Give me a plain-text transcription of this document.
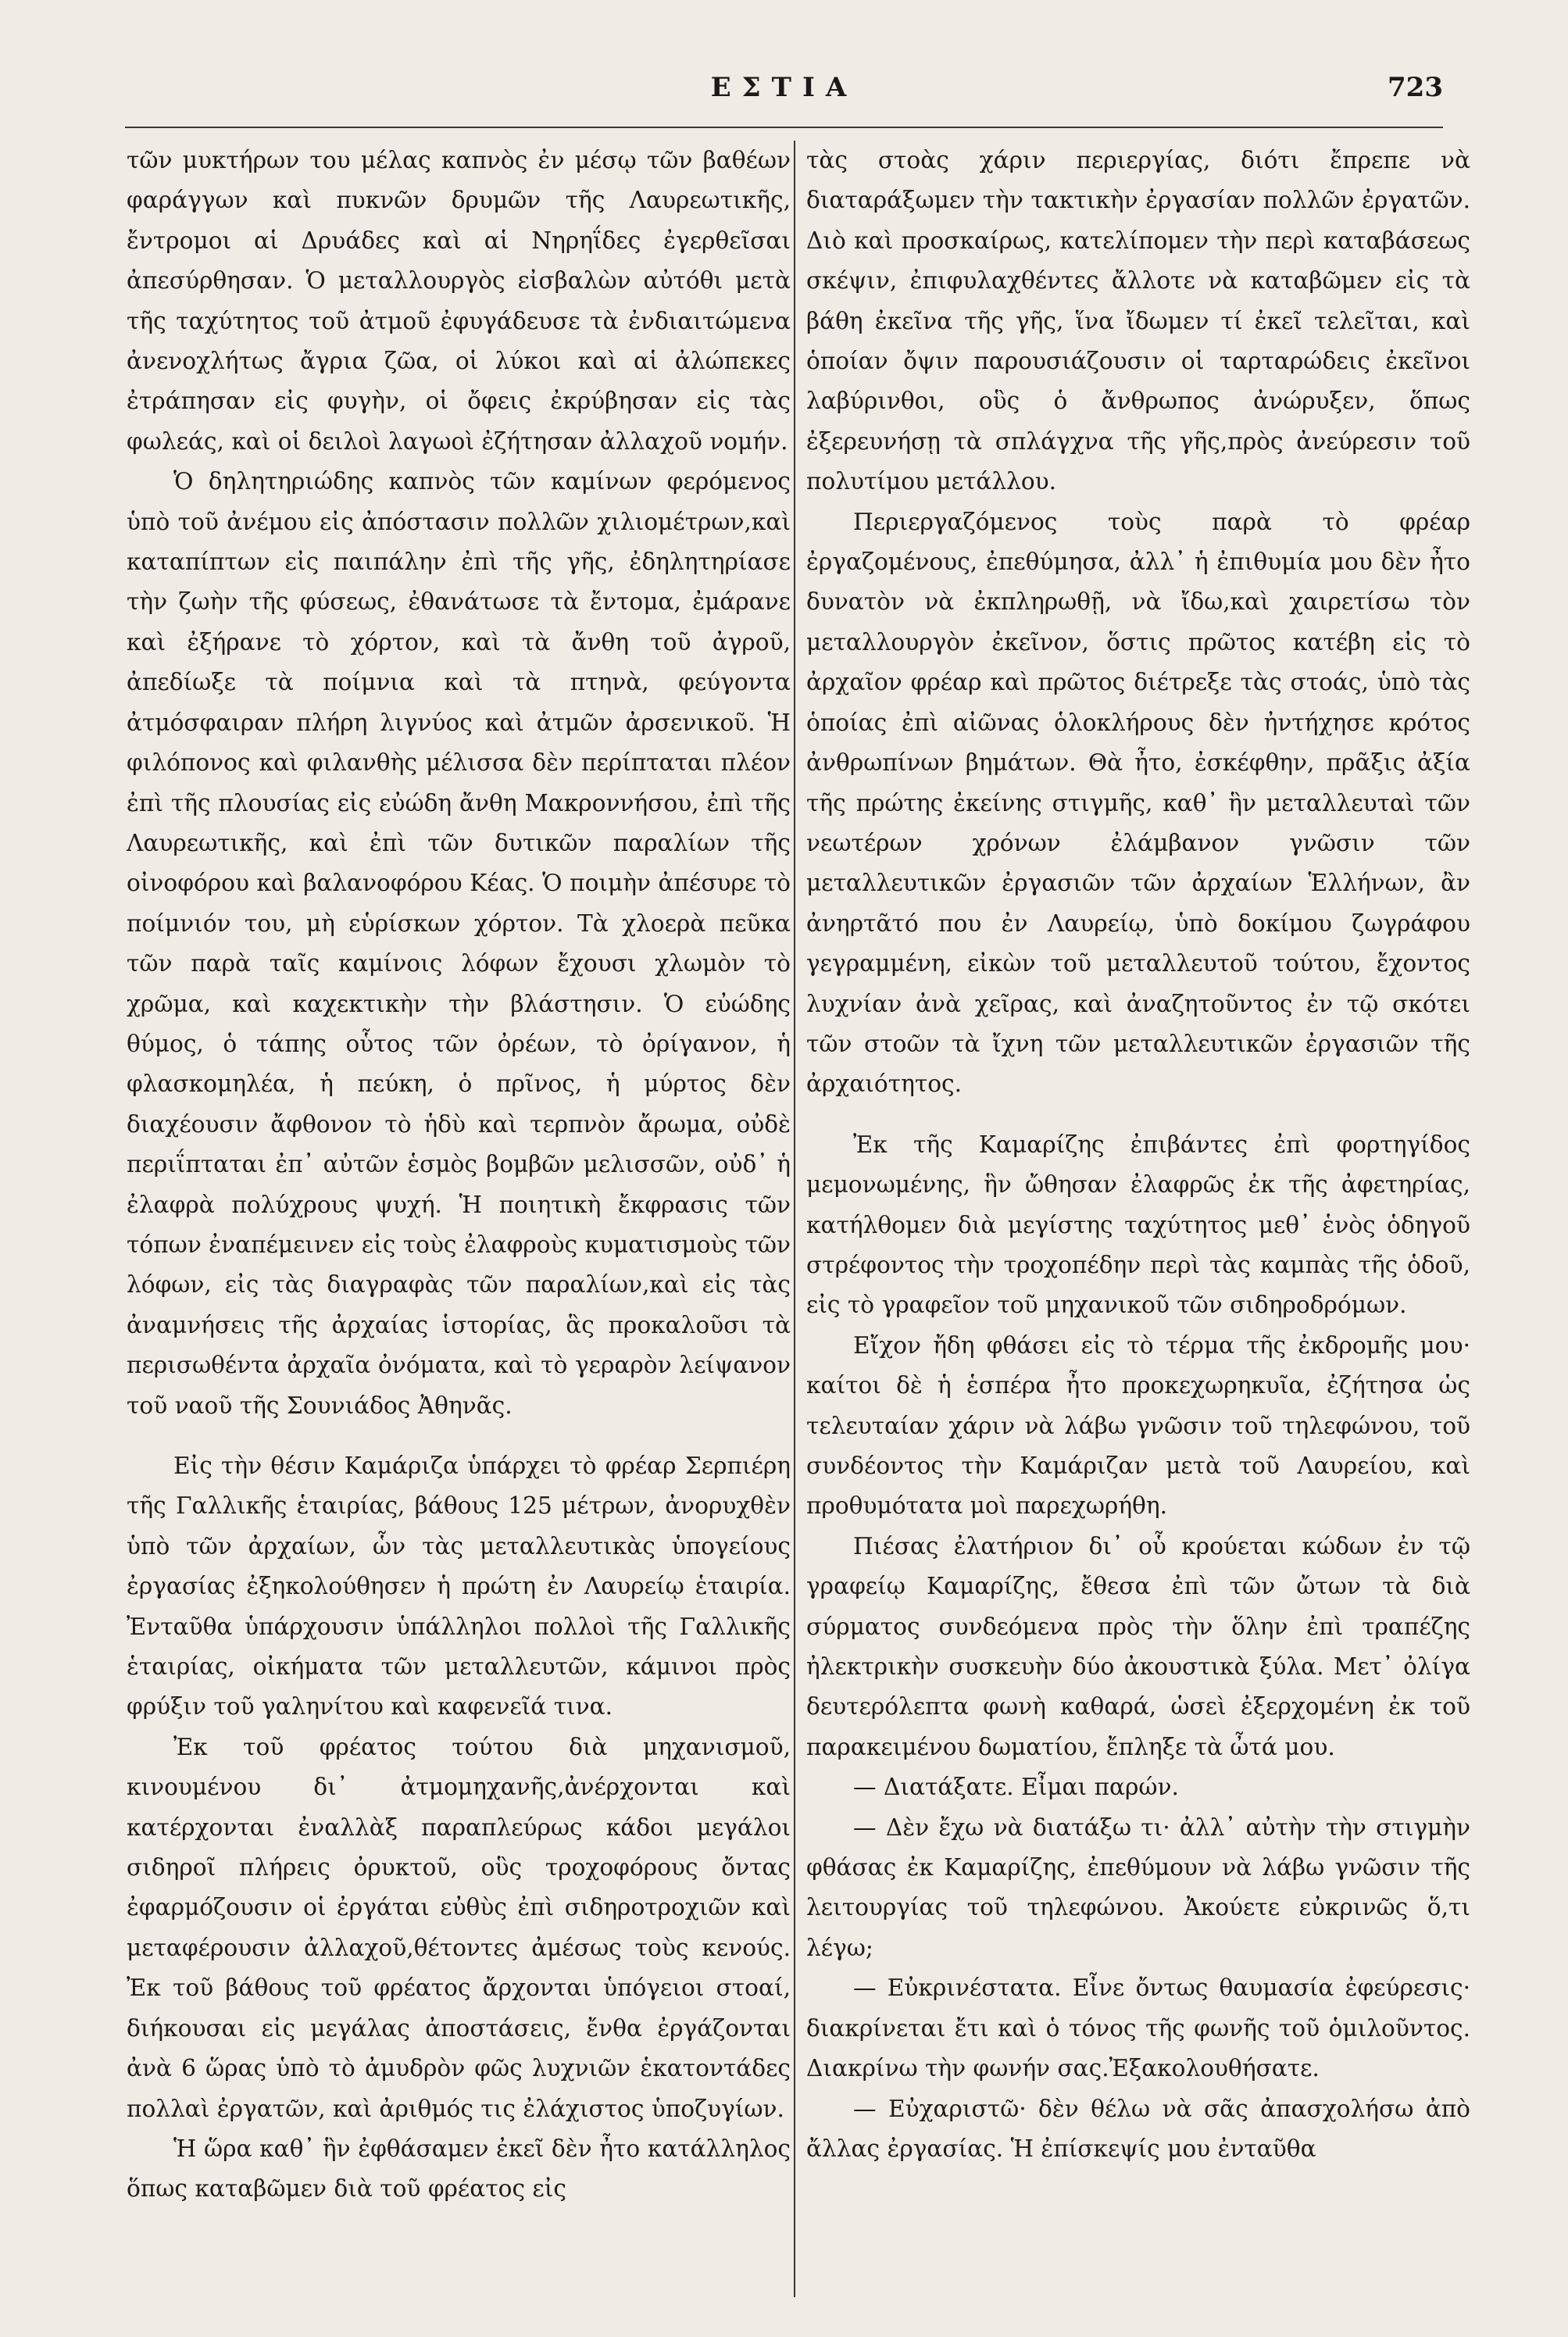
ΕΣΤΙΑ	723

τῶν μυκτήρων του μέλας καπνὸς ἐν μέσῳ τῶν βαθέων φαράγγων καὶ πυκνῶν δρυμῶν τῆς Λαυρεωτικῆς, ἔντρομοι αἱ Δρυάδες καὶ αἱ Νηρηΐδες ἐγερθεῖσαι ἀπεσύρθησαν. Ὁ μεταλλουργὸς εἰσβαλὼν αὐτόθι μετὰ τῆς ταχύτητος τοῦ ἀτμοῦ ἐφυγάδευσε τὰ ἐνδιαιτώμενα ἀνενοχλήτως ἄγρια ζῶα, οἱ λύκοι καὶ αἱ ἀλώπεκες ἐτράπησαν εἰς φυγὴν, οἱ ὄφεις ἐκρύβησαν εἰς τὰς φωλεάς, καὶ οἱ δειλοὶ λαγωοὶ ἐζήτησαν ἀλλαχοῦ νομήν.

Ὁ δηλητηριώδης καπνὸς τῶν καμίνων φερόμενος ὑπὸ τοῦ ἀνέμου εἰς ἀπόστασιν πολλῶν χιλιομέτρων,καὶ καταπίπτων εἰς παιπάλην ἐπὶ τῆς γῆς, ἐδηλητηρίασε τὴν ζωὴν τῆς φύσεως, ἐθανάτωσε τὰ ἔντομα, ἐμάρανε καὶ ἐξήρανε τὸ χόρτον, καὶ τὰ ἄνθη τοῦ ἀγροῦ, ἀπεδίωξε τὰ ποίμνια καὶ τὰ πτηνὰ, φεύγοντα ἀτμόσφαιραν πλήρη λιγνύος καὶ ἀτμῶν ἀρσενικοῦ. Ἡ φιλόπονος καὶ φιλανθὴς μέλισσα δὲν περίπταται πλέον ἐπὶ τῆς πλουσίας εἰς εὐώδη ἄνθη Μακροννήσου, ἐπὶ τῆς Λαυρεωτικῆς, καὶ ἐπὶ τῶν δυτικῶν παραλίων τῆς οἰνοφόρου καὶ βαλανοφόρου Κέας. Ὁ ποιμὴν ἀπέσυρε τὸ ποίμνιόν του, μὴ εὑρίσκων χόρτον. Τὰ χλοερὰ πεῦκα τῶν παρὰ ταῖς καμίνοις λόφων ἔχουσι χλωμὸν τὸ χρῶμα, καὶ καχεκτικὴν τὴν βλάστησιν. Ὁ εὐώδης θύμος, ὁ τάπης οὗτος τῶν ὀρέων, τὸ ὀρίγανον, ἡ φλασκομηλέα, ἡ πεύκη, ὁ πρῖνος, ἡ μύρτος δὲν διαχέουσιν ἄφθονον τὸ ἡδὺ καὶ τερπνὸν ἄρωμα, οὐδὲ περιΐπταται ἐπ᾽ αὐτῶν ἑσμὸς βομβῶν μελισσῶν, οὐδ᾽ ἡ ἐλαφρὰ πολύχρους ψυχή. Ἡ ποιητικὴ ἔκφρασις τῶν τόπων ἐναπέμεινεν εἰς τοὺς ἐλαφροὺς κυματισμοὺς τῶν λόφων, εἰς τὰς διαγραφὰς τῶν παραλίων,καὶ εἰς τὰς ἀναμνήσεις τῆς ἀρχαίας ἱστορίας, ἃς προκαλοῦσι τὰ περισωθέντα ἀρχαῖα ὀνόματα, καὶ τὸ γεραρὸν λείψανον τοῦ ναοῦ τῆς Σουνιάδος Ἀθηνᾶς.

Εἰς τὴν θέσιν Καμάριζα ὑπάρχει τὸ φρέαρ Σερπιέρη τῆς Γαλλικῆς ἑταιρίας, βάθους 125 μέτρων, ἀνορυχθὲν ὑπὸ τῶν ἀρχαίων, ὧν τὰς μεταλλευτικὰς ὑπογείους ἐργασίας ἐξηκολούθησεν ἡ πρώτη ἐν Λαυρείῳ ἑταιρία. Ἐνταῦθα ὑπάρχουσιν ὑπάλληλοι πολλοὶ τῆς Γαλλικῆς ἑταιρίας, οἰκήματα τῶν μεταλλευτῶν, κάμινοι πρὸς φρύξιν τοῦ γαληνίτου καὶ καφενεῖά τινα.

Ἐκ τοῦ φρέατος τούτου διὰ μηχανισμοῦ, κινουμένου δι᾽ ἀτμομηχανῆς,ἀνέρχονται καὶ κατέρχονται ἐναλλὰξ παραπλεύρως κάδοι μεγάλοι σιδηροῖ πλήρεις ὀρυκτοῦ, οὓς τροχοφόρους ὄντας ἐφαρμόζουσιν οἱ ἐργάται εὐθὺς ἐπὶ σιδηροτροχιῶν καὶ μεταφέρουσιν ἀλλαχοῦ,θέτοντες ἀμέσως τοὺς κενούς. Ἐκ τοῦ βάθους τοῦ φρέατος ἄρχονται ὑπόγειοι στοαί, διήκουσαι εἰς μεγάλας ἀποστάσεις, ἔνθα ἐργάζονται ἀνὰ 6 ὥρας ὑπὸ τὸ ἀμυδρὸν φῶς λυχνιῶν ἑκατοντάδες πολλαὶ ἐργατῶν, καὶ ἀριθμός τις ἐλάχιστος ὑποζυγίων.

Ἡ ὥρα καθ᾽ ἣν ἐφθάσαμεν ἐκεῖ δὲν ἦτο κατάλληλος ὅπως καταβῶμεν διὰ τοῦ φρέατος εἰς

τὰς στοὰς χάριν περιεργίας, διότι ἔπρεπε νὰ διαταράξωμεν τὴν τακτικὴν ἐργασίαν πολλῶν ἐργατῶν. Διὸ καὶ προσκαίρως, κατελίπομεν τὴν περὶ καταβάσεως σκέψιν, ἐπιφυλαχθέντες ἄλλοτε νὰ καταβῶμεν εἰς τὰ βάθη ἐκεῖνα τῆς γῆς, ἵνα ἴδωμεν τί ἐκεῖ τελεῖται, καὶ ὁποίαν ὄψιν παρουσιάζουσιν οἱ ταρταρώδεις ἐκεῖνοι λαβύρινθοι, οὓς ὁ ἄνθρωπος ἀνώρυξεν, ὅπως ἐξερευνήσῃ τὰ σπλάγχνα τῆς γῆς,πρὸς ἀνεύρεσιν τοῦ πολυτίμου μετάλλου.

Περιεργαζόμενος τοὺς παρὰ τὸ φρέαρ ἐργαζομένους, ἐπεθύμησα, ἀλλ᾽ ἡ ἐπιθυμία μου δὲν ἦτο δυνατὸν νὰ ἐκπληρωθῇ, νὰ ἴδω,καὶ χαιρετίσω τὸν μεταλλουργὸν ἐκεῖνον, ὅστις πρῶτος κατέβη εἰς τὸ ἀρχαῖον φρέαρ καὶ πρῶτος διέτρεξε τὰς στοάς, ὑπὸ τὰς ὁποίας ἐπὶ αἰῶνας ὁλοκλήρους δὲν ἠντήχησε κρότος ἀνθρωπίνων βημάτων. Θὰ ἦτο, ἐσκέφθην, πρᾶξις ἀξία τῆς πρώτης ἐκείνης στιγμῆς, καθ᾽ ἣν μεταλλευταὶ τῶν νεωτέρων χρόνων ἐλάμβανον γνῶσιν τῶν μεταλλευτικῶν ἐργασιῶν τῶν ἀρχαίων Ἑλλήνων, ἂν ἀνηρτᾶτό που ἐν Λαυρείῳ, ὑπὸ δοκίμου ζωγράφου γεγραμμένη, εἰκὼν τοῦ μεταλλευτοῦ τούτου, ἔχοντος λυχνίαν ἀνὰ χεῖρας, καὶ ἀναζητοῦντος ἐν τῷ σκότει τῶν στοῶν τὰ ἴχνη τῶν μεταλλευτικῶν ἐργασιῶν τῆς ἀρχαιότητος.

Ἐκ τῆς Καμαρίζης ἐπιβάντες ἐπὶ φορτηγίδος μεμονωμένης, ἣν ὤθησαν ἐλαφρῶς ἐκ τῆς ἀφετηρίας, κατήλθομεν διὰ μεγίστης ταχύτητος μεθ᾽ ἑνὸς ὁδηγοῦ στρέφοντος τὴν τροχοπέδην περὶ τὰς καμπὰς τῆς ὁδοῦ, εἰς τὸ γραφεῖον τοῦ μηχανικοῦ τῶν σιδηροδρόμων.

Εἴχον ἤδη φθάσει εἰς τὸ τέρμα τῆς ἐκδρομῆς μου· καίτοι δὲ ἡ ἑσπέρα ἦτο προκεχωρηκυῖα, ἐζήτησα ὡς τελευταίαν χάριν νὰ λάβω γνῶσιν τοῦ τηλεφώνου, τοῦ συνδέοντος τὴν Καμάριζαν μετὰ τοῦ Λαυρείου, καὶ προθυμότατα μοὶ παρεχωρήθη.

Πιέσας ἐλατήριον δι᾽ οὗ κρούεται κώδων ἐν τῷ γραφείῳ Καμαρίζης, ἔθεσα ἐπὶ τῶν ὤτων τὰ διὰ σύρματος συνδεόμενα πρὸς τὴν ὅλην ἐπὶ τραπέζης ἠλεκτρικὴν συσκευὴν δύο ἀκουστικὰ ξύλα. Μετ᾽ ὀλίγα δευτερόλεπτα φωνὴ καθαρά, ὡσεὶ ἐξερχομένη ἐκ τοῦ παρακειμένου δωματίου, ἔπληξε τὰ ὦτά μου.

— Διατάξατε. Εἶμαι παρών.

— Δὲν ἔχω νὰ διατάξω τι· ἀλλ᾽ αὐτὴν τὴν στιγμὴν φθάσας ἐκ Καμαρίζης, ἐπεθύμουν νὰ λάβω γνῶσιν τῆς λειτουργίας τοῦ τηλεφώνου. Ἀκούετε εὐκρινῶς ὅ,τι λέγω;

— Εὐκρινέστατα. Εἶνε ὄντως θαυμασία ἐφεύρεσις· διακρίνεται ἔτι καὶ ὁ τόνος τῆς φωνῆς τοῦ ὁμιλοῦντος. Διακρίνω τὴν φωνήν σας.Ἐξακολουθήσατε.

— Εὐχαριστῶ· δὲν θέλω νὰ σᾶς ἀπασχολήσω ἀπὸ ἄλλας ἐργασίας. Ἡ ἐπίσκεψίς μου ἐνταῦθα
